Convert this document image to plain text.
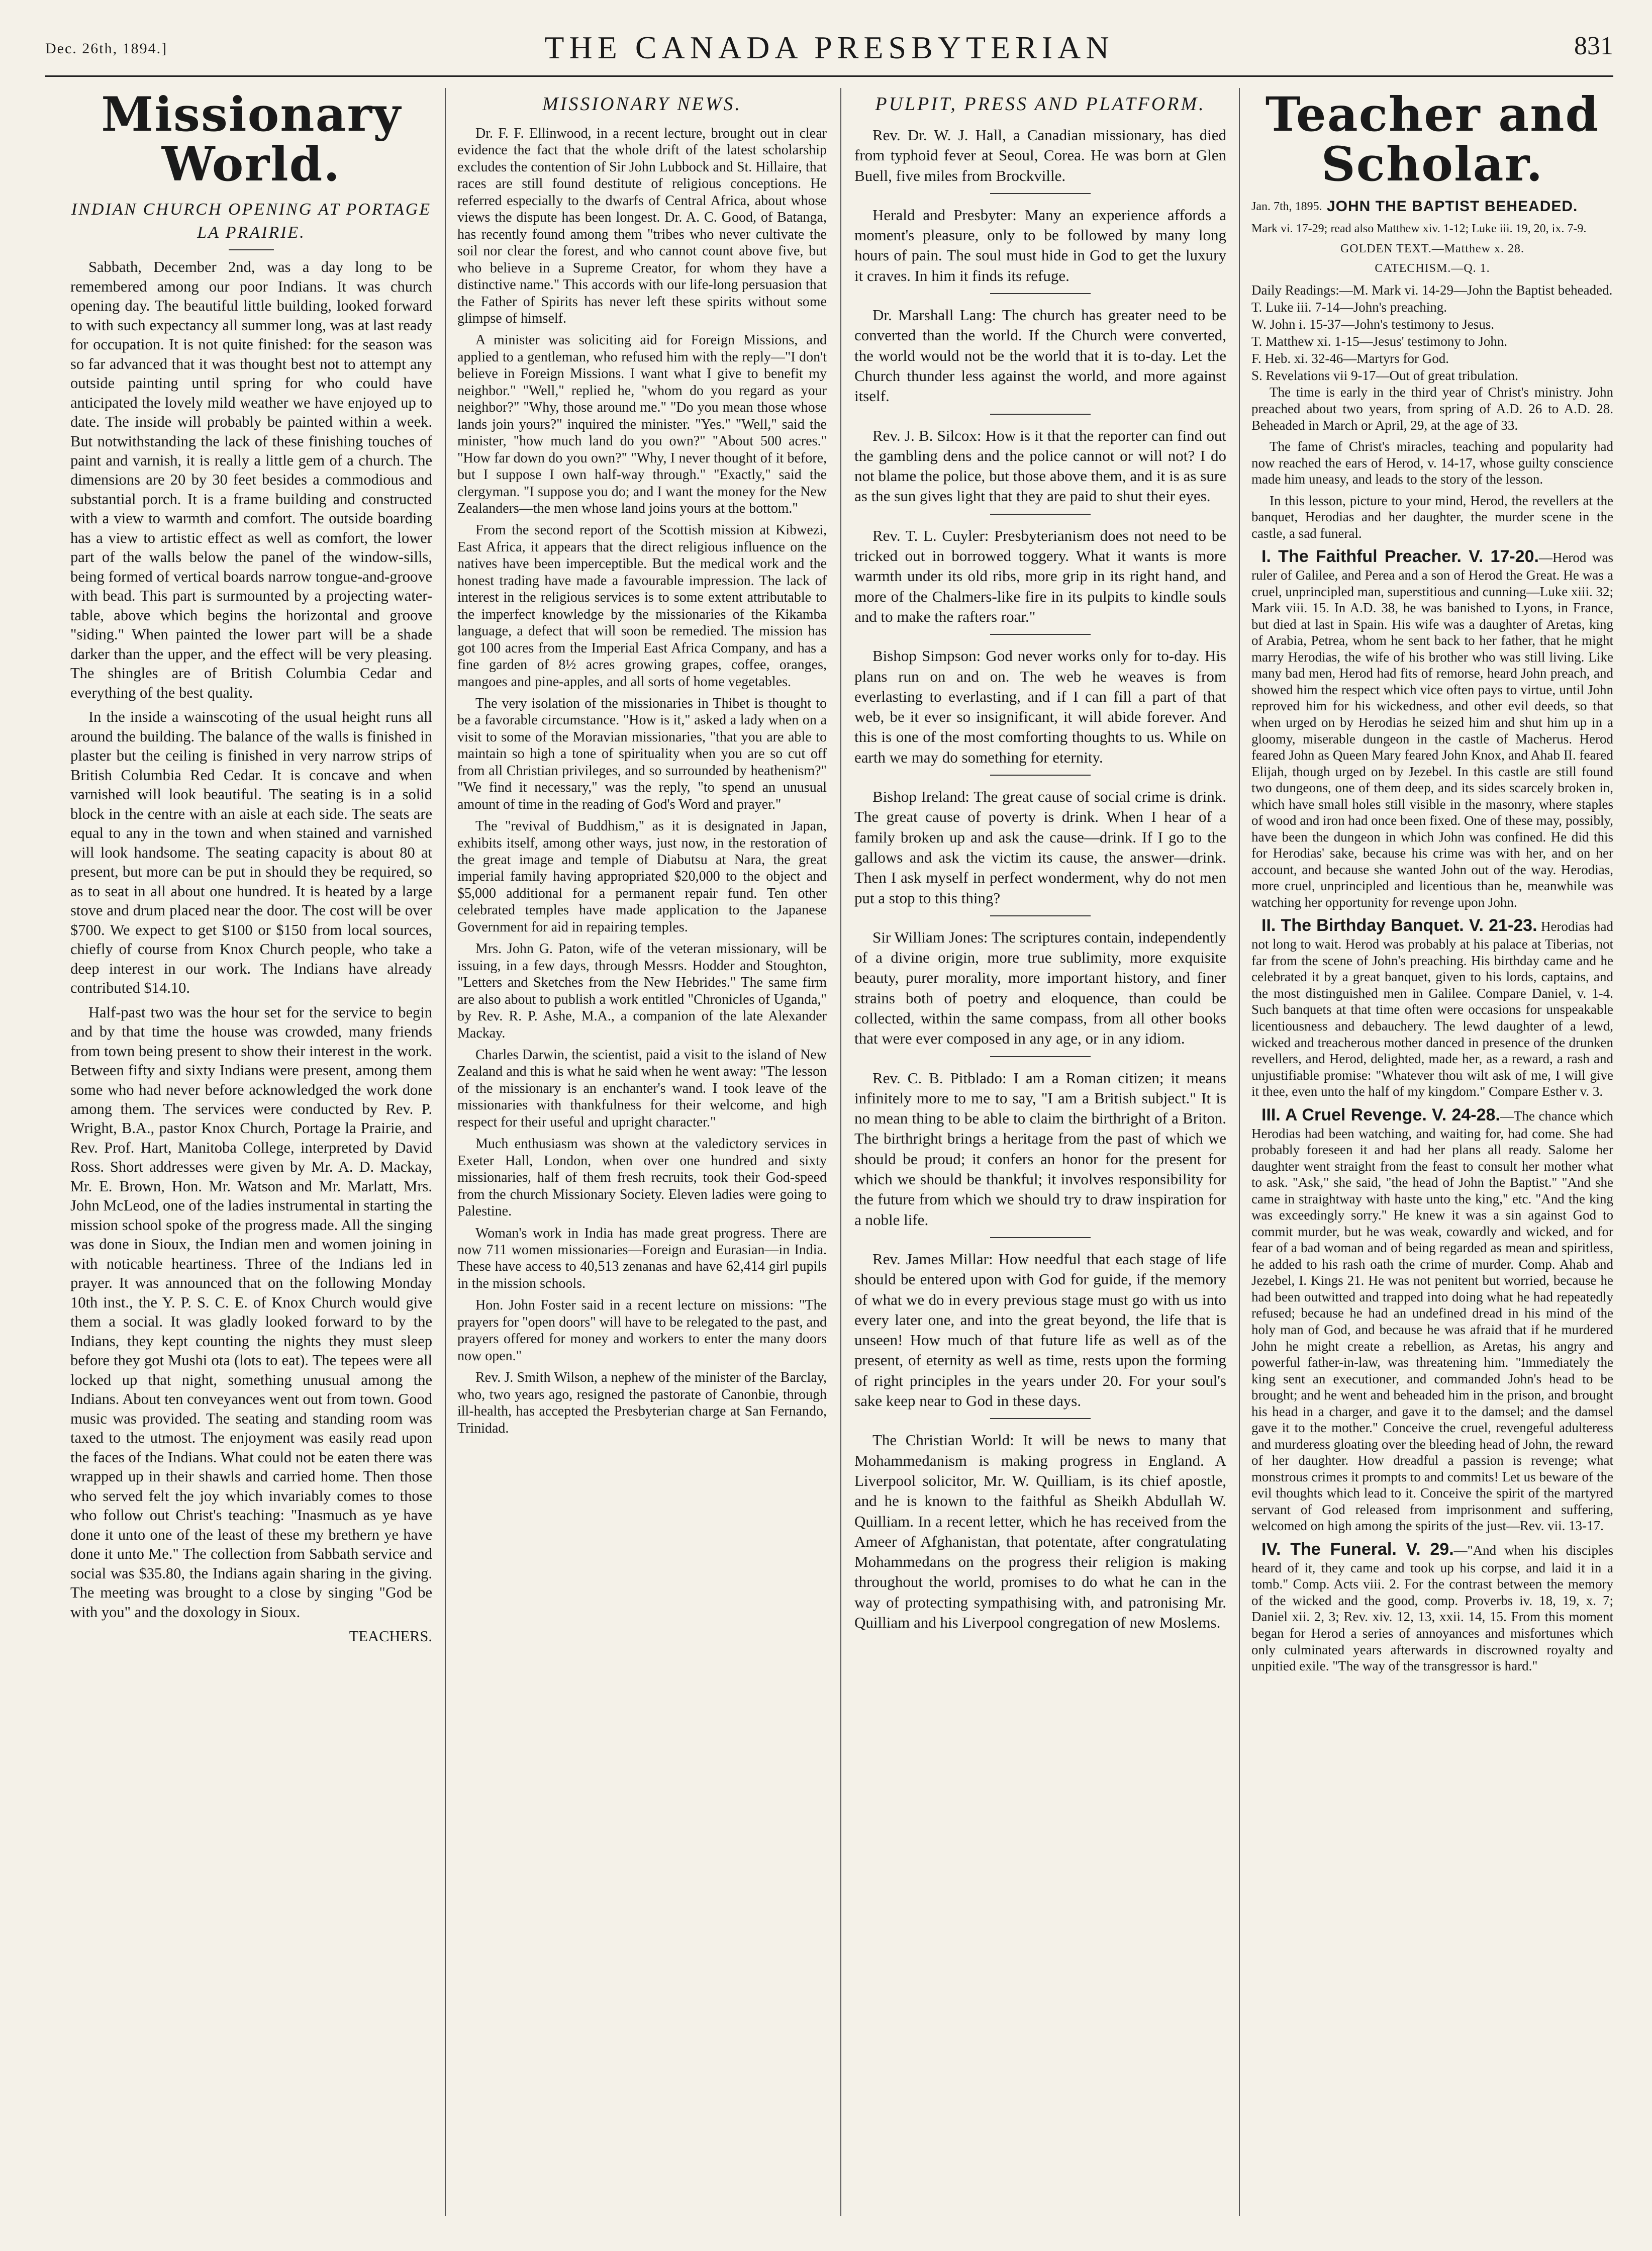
Dec. 26th, 1894.]	THE CANADA PRESBYTERIAN	831
Missionary World.
INDIAN CHURCH OPENING AT PORTAGE LA PRAIRIE.

Sabbath, December 2nd, was a day long to be remembered among our poor Indians. It was church opening day. The beautiful little building, looked forward to with such expectancy all summer long, was at last ready for occupation. It is not quite finished: for the season was so far advanced that it was thought best not to attempt any outside painting until spring for who could have anticipated the lovely mild weather we have enjoyed up to date. The inside will probably be painted within a week. But notwithstanding the lack of these finishing touches of paint and varnish, it is really a little gem of a church. The dimensions are 20 by 30 feet besides a commodious and substantial porch. It is a frame building and constructed with a view to warmth and comfort. The outside boarding has a view to artistic effect as well as comfort, the lower part of the walls below the panel of the window-sills, being formed of vertical boards narrow tongue-and-groove with bead. This part is surmounted by a projecting water-table, above which begins the horizontal and groove "siding." When painted the lower part will be a shade darker than the upper, and the effect will be very pleasing. The shingles are of British Columbia Cedar and everything of the best quality.

In the inside a wainscoting of the usual height runs all around the building. The balance of the walls is finished in plaster but the ceiling is finished in very narrow strips of British Columbia Red Cedar. It is concave and when varnished will look beautiful. The seating is in a solid block in the centre with an aisle at each side. The seats are equal to any in the town and when stained and varnished will look handsome. The seating capacity is about 80 at present, but more can be put in should they be required, so as to seat in all about one hundred. It is heated by a large stove and drum placed near the door. The cost will be over $700. We expect to get $100 or $150 from local sources, chiefly of course from Knox Church people, who take a deep interest in our work. The Indians have already contributed $14.10.

Half-past two was the hour set for the service to begin and by that time the house was crowded, many friends from town being present to show their interest in the work. Between fifty and sixty Indians were present, among them some who had never before acknowledged the work done among them. The services were conducted by Rev. P. Wright, B.A., pastor Knox Church, Portage la Prairie, and Rev. Prof. Hart, Manitoba College, interpreted by David Ross. Short addresses were given by Mr. A. D. Mackay, Mr. E. Brown, Hon. Mr. Watson and Mr. Marlatt, Mrs. John McLeod, one of the ladies instrumental in starting the mission school spoke of the progress made. All the singing was done in Sioux, the Indian men and women joining in with noticable heartiness. Three of the Indians led in prayer. It was announced that on the following Monday 10th inst., the Y. P. S. C. E. of Knox Church would give them a social. It was gladly looked forward to by the Indians, they kept counting the nights they must sleep before they got Mushi ota (lots to eat). The tepees were all locked up that night, something unusual among the Indians. About ten conveyances went out from town. Good music was provided. The seating and standing room was taxed to the utmost. The enjoyment was easily read upon the faces of the Indians. What could not be eaten there was wrapped up in their shawls and carried home. Then those who served felt the joy which invariably comes to those who follow out Christ's teaching: "Inasmuch as ye have done it unto one of the least of these my brethern ye have done it unto Me." The collection from Sabbath service and social was $35.80, the Indians again sharing in the giving. The meeting was brought to a close by singing "God be with you" and the doxology in Sioux.

TEACHERS.

MISSIONARY NEWS.

Dr. F. F. Ellinwood, in a recent lecture, brought out in clear evidence the fact that the whole drift of the latest scholarship excludes the contention of Sir John Lubbock and St. Hillaire, that races are still found destitute of religious conceptions. He referred especially to the dwarfs of Central Africa, about whose views the dispute has been longest. Dr. A. C. Good, of Batanga, has recently found among them "tribes who never cultivate the soil nor clear the forest, and who cannot count above five, but who believe in a Supreme Creator, for whom they have a distinctive name." This accords with our life-long persuasion that the Father of Spirits has never left these spirits without some glimpse of himself.

A minister was soliciting aid for Foreign Missions, and applied to a gentleman, who refused him with the reply—"I don't believe in Foreign Missions. I want what I give to benefit my neighbor." "Well," replied he, "whom do you regard as your neighbor?" "Why, those around me." "Do you mean those whose lands join yours?" inquired the minister. "Yes." "Well," said the minister, "how much land do you own?" "About 500 acres." "How far down do you own?" "Why, I never thought of it before, but I suppose I own half-way through." "Exactly," said the clergyman. "I suppose you do; and I want the money for the New Zealanders—the men whose land joins yours at the bottom."

From the second report of the Scottish mission at Kibwezi, East Africa, it appears that the direct religious influence on the natives have been imperceptible. But the medical work and the honest trading have made a favourable impression. The lack of interest in the religious services is to some extent attributable to the imperfect knowledge by the missionaries of the Kikamba language, a defect that will soon be remedied. The mission has got 100 acres from the Imperial East Africa Company, and has a fine garden of 8½ acres growing grapes, coffee, oranges, mangoes and pine-apples, and all sorts of home vegetables.

The very isolation of the missionaries in Thibet is thought to be a favorable circumstance. "How is it," asked a lady when on a visit to some of the Moravian missionaries, "that you are able to maintain so high a tone of spirituality when you are so cut off from all Christian privileges, and so surrounded by heathenism?" "We find it necessary," was the reply, "to spend an unusual amount of time in the reading of God's Word and prayer."

The "revival of Buddhism," as it is designated in Japan, exhibits itself, among other ways, just now, in the restoration of the great image and temple of Diabutsu at Nara, the great imperial family having appropriated $20,000 to the object and $5,000 additional for a permanent repair fund. Ten other celebrated temples have made application to the Japanese Government for aid in repairing temples.

Mrs. John G. Paton, wife of the veteran missionary, will be issuing, in a few days, through Messrs. Hodder and Stoughton, "Letters and Sketches from the New Hebrides." The same firm are also about to publish a work entitled "Chronicles of Uganda," by Rev. R. P. Ashe, M.A., a companion of the late Alexander Mackay.

Charles Darwin, the scientist, paid a visit to the island of New Zealand and this is what he said when he went away: "The lesson of the missionary is an enchanter's wand. I took leave of the missionaries with thankfulness for their welcome, and high respect for their useful and upright character."

Much enthusiasm was shown at the valedictory services in Exeter Hall, London, when over one hundred and sixty missionaries, half of them fresh recruits, took their God-speed from the church Missionary Society. Eleven ladies were going to Palestine.

Woman's work in India has made great progress. There are now 711 women missionaries—Foreign and Eurasian—in India. These have access to 40,513 zenanas and have 62,414 girl pupils in the mission schools.

Hon. John Foster said in a recent lecture on missions: "The prayers for "open doors" will have to be relegated to the past, and prayers offered for money and workers to enter the many doors now open."

Rev. J. Smith Wilson, a nephew of the minister of the Barclay, who, two years ago, resigned the pastorate of Canonbie, through ill-health, has accepted the Presbyterian charge at San Fernando, Trinidad.

PULPIT, PRESS AND PLATFORM.

Rev. Dr. W. J. Hall, a Canadian missionary, has died from typhoid fever at Seoul, Corea. He was born at Glen Buell, five miles from Brockville.

Herald and Presbyter: Many an experience affords a moment's pleasure, only to be followed by many long hours of pain. The soul must hide in God to get the luxury it craves. In him it finds its refuge.

Dr. Marshall Lang: The church has greater need to be converted than the world. If the Church were converted, the world would not be the world that it is to-day. Let the Church thunder less against the world, and more against itself.

Rev. J. B. Silcox: How is it that the reporter can find out the gambling dens and the police cannot or will not? I do not blame the police, but those above them, and it is as sure as the sun gives light that they are paid to shut their eyes.

Rev. T. L. Cuyler: Presbyterianism does not need to be tricked out in borrowed toggery. What it wants is more warmth under its old ribs, more grip in its right hand, and more of the Chalmers-like fire in its pulpits to kindle souls and to make the rafters roar."

Bishop Simpson: God never works only for to-day. His plans run on and on. The web he weaves is from everlasting to everlasting, and if I can fill a part of that web, be it ever so insignificant, it will abide forever. And this is one of the most comforting thoughts to us. While on earth we may do something for eternity.

Bishop Ireland: The great cause of social crime is drink. The great cause of poverty is drink. When I hear of a family broken up and ask the cause—drink. If I go to the gallows and ask the victim its cause, the answer—drink. Then I ask myself in perfect wonderment, why do not men put a stop to this thing?

Sir William Jones: The scriptures contain, independently of a divine origin, more true sublimity, more exquisite beauty, purer morality, more important history, and finer strains both of poetry and eloquence, than could be collected, within the same compass, from all other books that were ever composed in any age, or in any idiom.

Rev. C. B. Pitblado: I am a Roman citizen; it means infinitely more to me to say, "I am a British subject." It is no mean thing to be able to claim the birthright of a Briton. The birthright brings a heritage from the past of which we should be proud; it confers an honor for the present for which we should be thankful; it involves responsibility for the future from which we should try to draw inspiration for a noble life.

Rev. James Millar: How needful that each stage of life should be entered upon with God for guide, if the memory of what we do in every previous stage must go with us into every later one, and into the great beyond, the life that is unseen! How much of that future life as well as of the present, of eternity as well as time, rests upon the forming of right principles in the years under 20. For your soul's sake keep near to God in these days.

The Christian World: It will be news to many that Mohammedanism is making progress in England. A Liverpool solicitor, Mr. W. Quilliam, is its chief apostle, and he is known to the faithful as Sheikh Abdullah W. Quilliam. In a recent letter, which he has received from the Ameer of Afghanistan, that potentate, after congratulating Mohammedans on the progress their religion is making throughout the world, promises to do what he can in the way of protecting sympathising with, and patronising Mr. Quilliam and his Liverpool congregation of new Moslems.

Teacher and Scholar.
Jan. 7th, 1895. JOHN THE BAPTIST BEHEADED.
Mark vi. 17-29; read also Matthew xiv. 1-12; Luke iii. 19, 20, ix. 7-9.
GOLDEN TEXT.—Matthew x. 28.
CATECHISM.—Q. 1.
Daily Readings:—M. Mark vi. 14-29—John the Baptist beheaded.
T. Luke iii. 7-14—John's preaching.
W. John i. 15-37—John's testimony to Jesus.
T. Matthew xi. 1-15—Jesus' testimony to John.
F. Heb. xi. 32-46—Martyrs for God.
S. Revelations vii 9-17—Out of great tribulation.

The time is early in the third year of Christ's ministry. John preached about two years, from spring of A.D. 26 to A.D. 28. Beheaded in March or April, 29, at the age of 33.

The fame of Christ's miracles, teaching and popularity had now reached the ears of Herod, v. 14-17, whose guilty conscience made him uneasy, and leads to the story of the lesson.

In this lesson, picture to your mind, Herod, the revellers at the banquet, Herodias and her daughter, the murder scene in the castle, a sad funeral.

I. The Faithful Preacher. V. 17-20.—Herod was ruler of Galilee, and Perea and a son of Herod the Great. He was a cruel, unprincipled man, superstitious and cunning—Luke xiii. 32; Mark viii. 15. In A.D. 38, he was banished to Lyons, in France, but died at last in Spain. His wife was a daughter of Aretas, king of Arabia, Petrea, whom he sent back to her father, that he might marry Herodias, the wife of his brother who was still living. Like many bad men, Herod had fits of remorse, heard John preach, and showed him the respect which vice often pays to virtue, until John reproved him for his wickedness, and other evil deeds, so that when urged on by Herodias he seized him and shut him up in a gloomy, miserable dungeon in the castle of Macherus. Herod feared John as Queen Mary feared John Knox, and Ahab II. feared Elijah, though urged on by Jezebel. In this castle are still found two dungeons, one of them deep, and its sides scarcely broken in, which have small holes still visible in the masonry, where staples of wood and iron had once been fixed. One of these may, possibly, have been the dungeon in which John was confined. He did this for Herodias' sake, because his crime was with her, and on her account, and because she wanted John out of the way. Herodias, more cruel, unprincipled and licentious than he, meanwhile was watching her opportunity for revenge upon John.

II. The Birthday Banquet. V. 21-23. Herodias had not long to wait. Herod was probably at his palace at Tiberias, not far from the scene of John's preaching. His birthday came and he celebrated it by a great banquet, given to his lords, captains, and the most distinguished men in Galilee. Compare Daniel, v. 1-4. Such banquets at that time often were occasions for unspeakable licentiousness and debauchery. The lewd daughter of a lewd, wicked and treacherous mother danced in presence of the drunken revellers, and Herod, delighted, made her, as a reward, a rash and unjustifiable promise: "Whatever thou wilt ask of me, I will give it thee, even unto the half of my kingdom." Compare Esther v. 3.

III. A Cruel Revenge. V. 24-28.—The chance which Herodias had been watching, and waiting for, had come. She had probably foreseen it and had her plans all ready. Salome her daughter went straight from the feast to consult her mother what to ask. "Ask," she said, "the head of John the Baptist." "And she came in straightway with haste unto the king," etc. "And the king was exceedingly sorry." He knew it was a sin against God to commit murder, but he was weak, cowardly and wicked, and for fear of a bad woman and of being regarded as mean and spiritless, he added to his rash oath the crime of murder. Comp. Ahab and Jezebel, I. Kings 21. He was not penitent but worried, because he had been outwitted and trapped into doing what he had repeatedly refused; because he had an undefined dread in his mind of the holy man of God, and because he was afraid that if he murdered John he might create a rebellion, as Aretas, his angry and powerful father-in-law, was threatening him. "Immediately the king sent an executioner, and commanded John's head to be brought; and he went and beheaded him in the prison, and brought his head in a charger, and gave it to the damsel; and the damsel gave it to the mother." Conceive the cruel, revengeful adulteress and murderess gloating over the bleeding head of John, the reward of her daughter. How dreadful a passion is revenge; what monstrous crimes it prompts to and commits! Let us beware of the evil thoughts which lead to it. Conceive the spirit of the martyred servant of God released from imprisonment and suffering, welcomed on high among the spirits of the just—Rev. vii. 13-17.

IV. The Funeral. V. 29.—"And when his disciples heard of it, they came and took up his corpse, and laid it in a tomb." Comp. Acts viii. 2. For the contrast between the memory of the wicked and the good, comp. Proverbs iv. 18, 19, x. 7; Daniel xii. 2, 3; Rev. xiv. 12, 13, xxii. 14, 15. From this moment began for Herod a series of annoyances and misfortunes which only culminated years afterwards in discrowned royalty and unpitied exile. "The way of the transgressor is hard."
